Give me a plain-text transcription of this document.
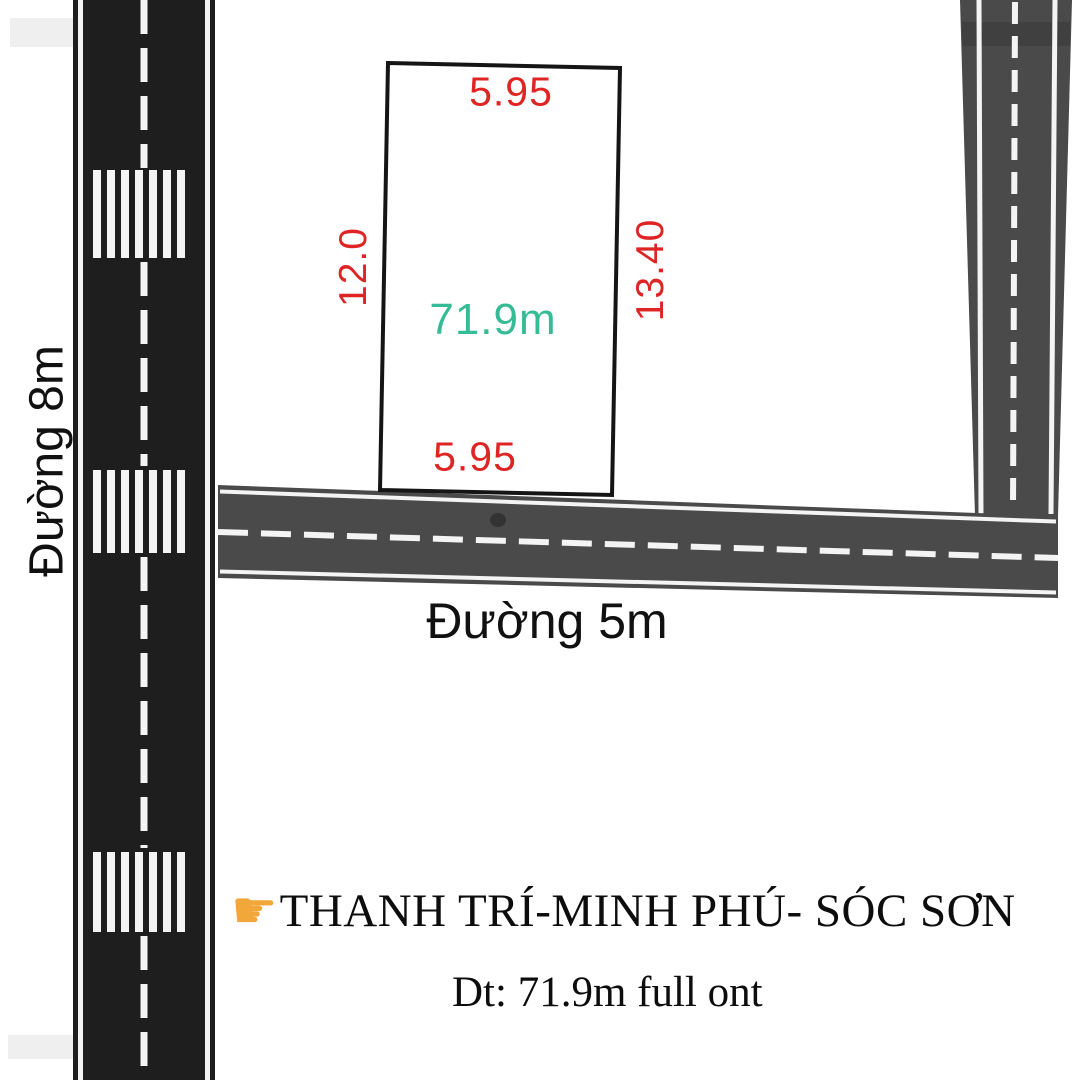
5.95
5.95
12.0	13.40
71.9m
Đường 5m
Đường 8m
☛ THANH TRÍ-MINH PHÚ- SÓC SƠN
Dt: 71.9m full ont
